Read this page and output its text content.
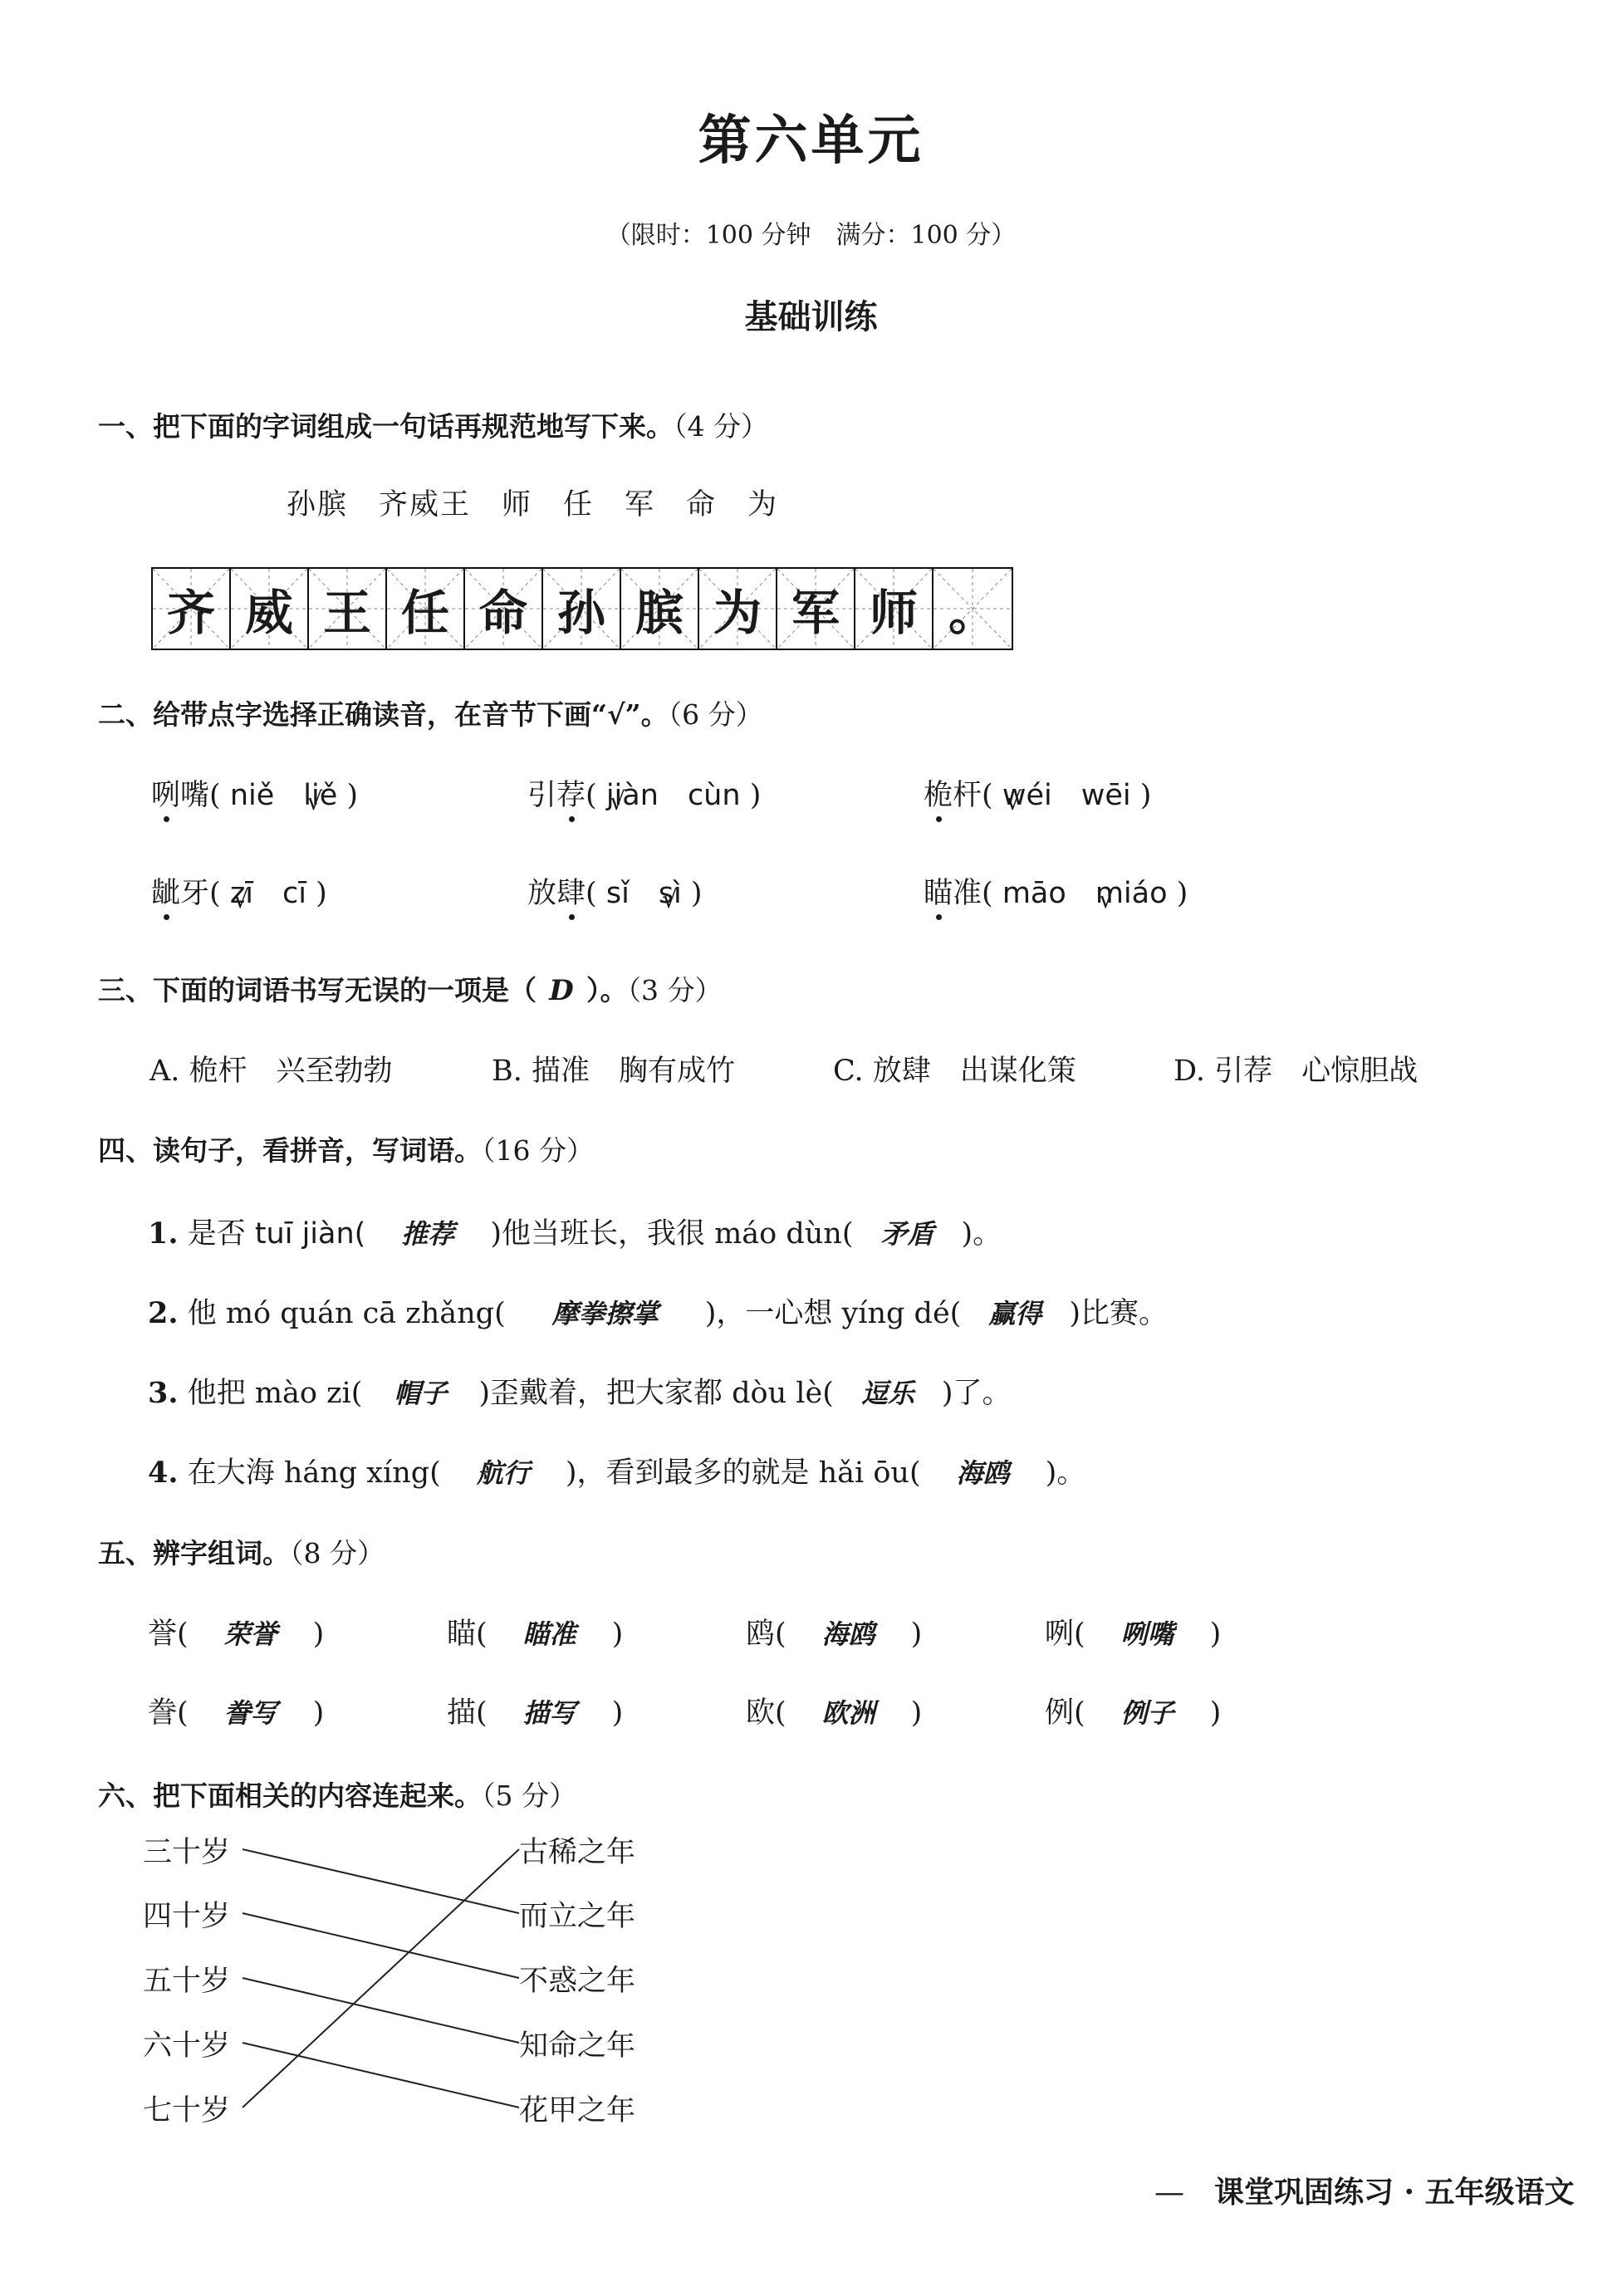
第六单元
（限时：100 分钟　满分：100 分）
基础训练
一、把下面的字词组成一句话再规范地写下来。（4 分）
孙膑　齐威王　师　任　军　命　为
齐 威 王 任 命 孙 膑 为 军 师 。
二、给带点字选择正确读音，在音节下画“√”。（6 分）
咧嘴( niě　 liě √ )	引荐( jiàn √　 cùn )	桅杆( wéi √　 wēi )
龇牙( zī √　 cī )	放肆( sǐ　 sì √ )	瞄准( māo　 miáo √ )
三、下面的词语书写无误的一项是（ D ）。（3 分）
A. 桅杆　兴至勃勃	B. 描准　胸有成竹	C. 放肆　出谋化策	D. 引荐　心惊胆战
四、读句子，看拼音，写词语。（16 分）
1. 是否 tuī jiàn( 推荐 )他当班长，我很 máo dùn( 矛盾 )。
2. 他 mó quán cā zhǎng( 摩拳擦掌 )，一心想 yíng dé( 赢得 )比赛。
3. 他把 mào zi( 帽子 )歪戴着，把大家都 dòu lè( 逗乐 )了。
4. 在大海 háng xíng( 航行 )，看到最多的就是 hǎi ōu( 海鸥 )。
五、辨字组词。（8 分）
誉( 荣誉 )	瞄( 瞄准 )	鸥( 海鸥 )	咧( 咧嘴 )
誊( 誊写 )	描( 描写 )	欧( 欧洲 )	例( 例子 )
六、把下面相关的内容连起来。（5 分）
三十岁
四十岁
五十岁
六十岁
七十岁
古稀之年
而立之年
不惑之年
知命之年
花甲之年
—　 课堂巩固练习 · 五年级语文
